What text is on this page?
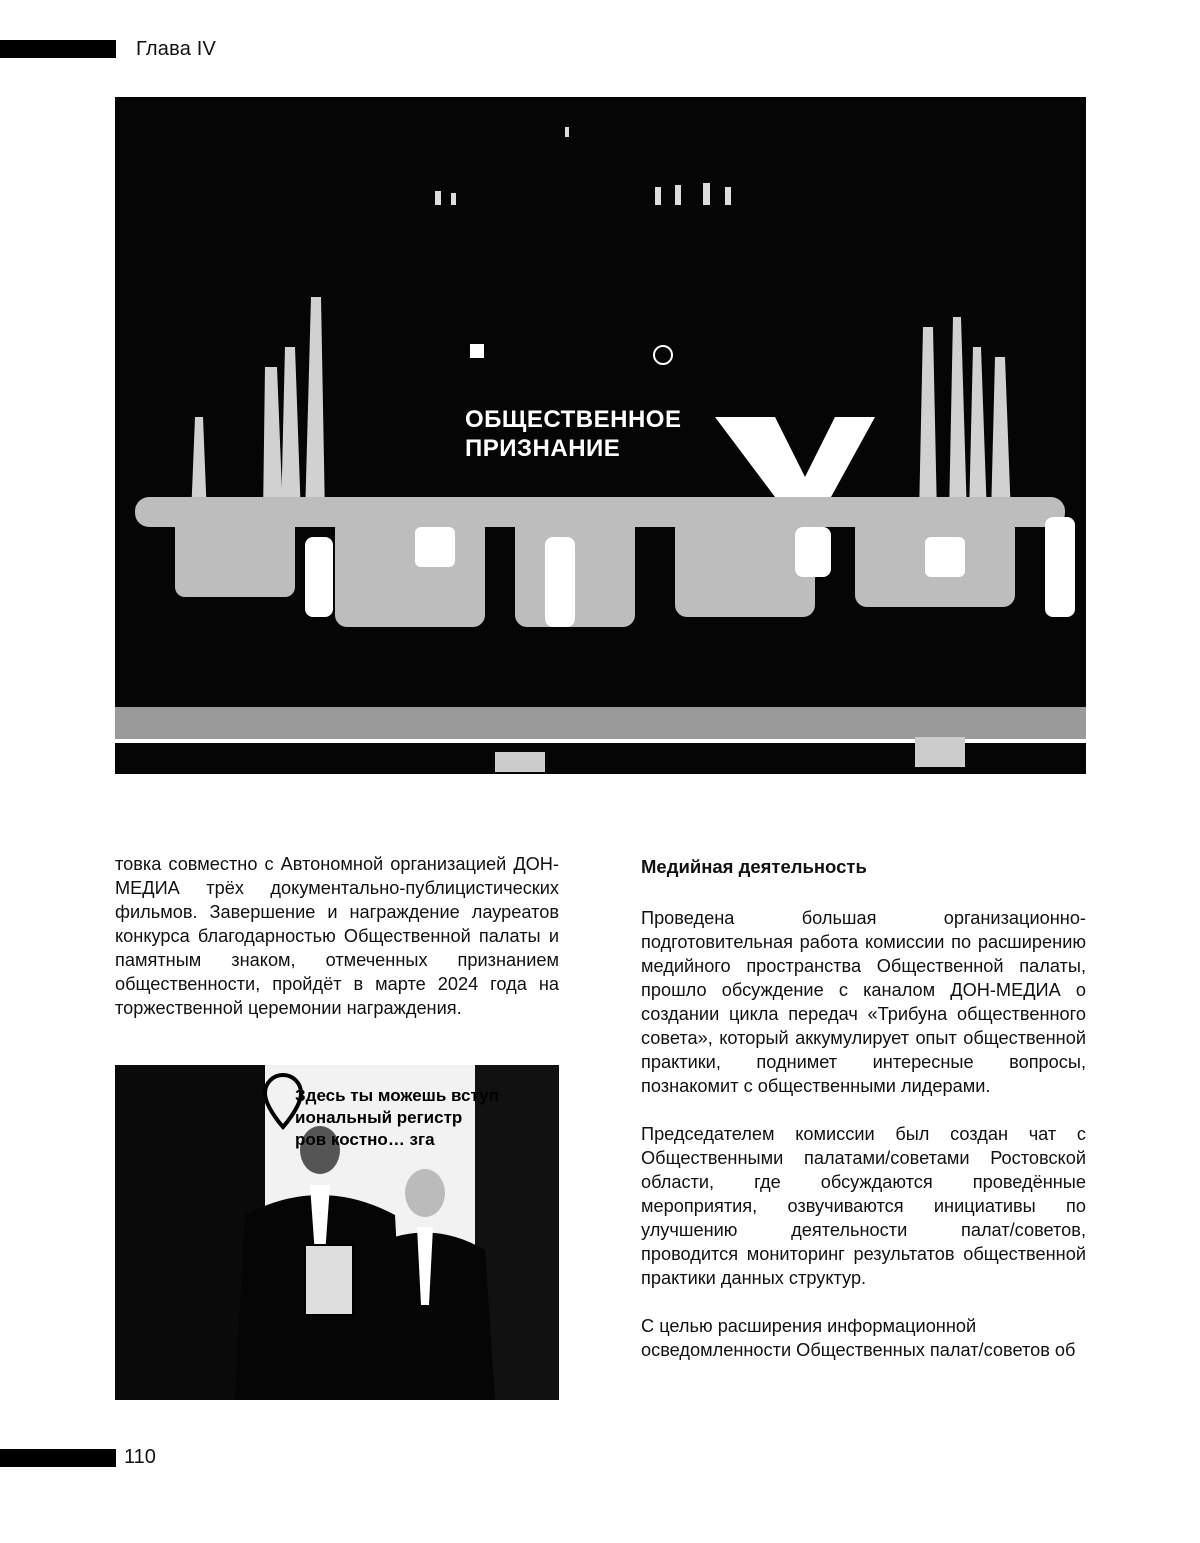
Глава IV
ОБЩЕСТВЕННОЕ
ПРИЗНАНИЕ

товка совместно с Автономной организацией ДОН-МЕДИА трёх документально-публицистических фильмов. Завершение и награждение лауреатов конкурса благодарностью Общественной палаты и памятным знаком, отмеченных признанием общественности, пройдёт в марте 2024 года на торжественной церемонии награждения.

Здесь ты можешь вступ
иональный регистр
ров костно… зга
Медийная деятельность

Проведена большая организационно-подготовительная работа комиссии по расширению медийного пространства Общественной палаты, прошло обсуждение с каналом ДОН-МЕДИА о создании цикла передач «Трибуна общественного совета», который аккумулирует опыт общественной практики, поднимет интересные вопросы, познакомит с общественными лидерами.

Председателем комиссии был создан чат с Общественными палатами/советами Ростовской области, где обсуждаются проведённые мероприятия, озвучиваются инициативы по улучшению деятельности палат/советов, проводится мониторинг результатов общественной практики данных структур.

С целью расширения информационной осведомленности Общественных палат/советов об

110
